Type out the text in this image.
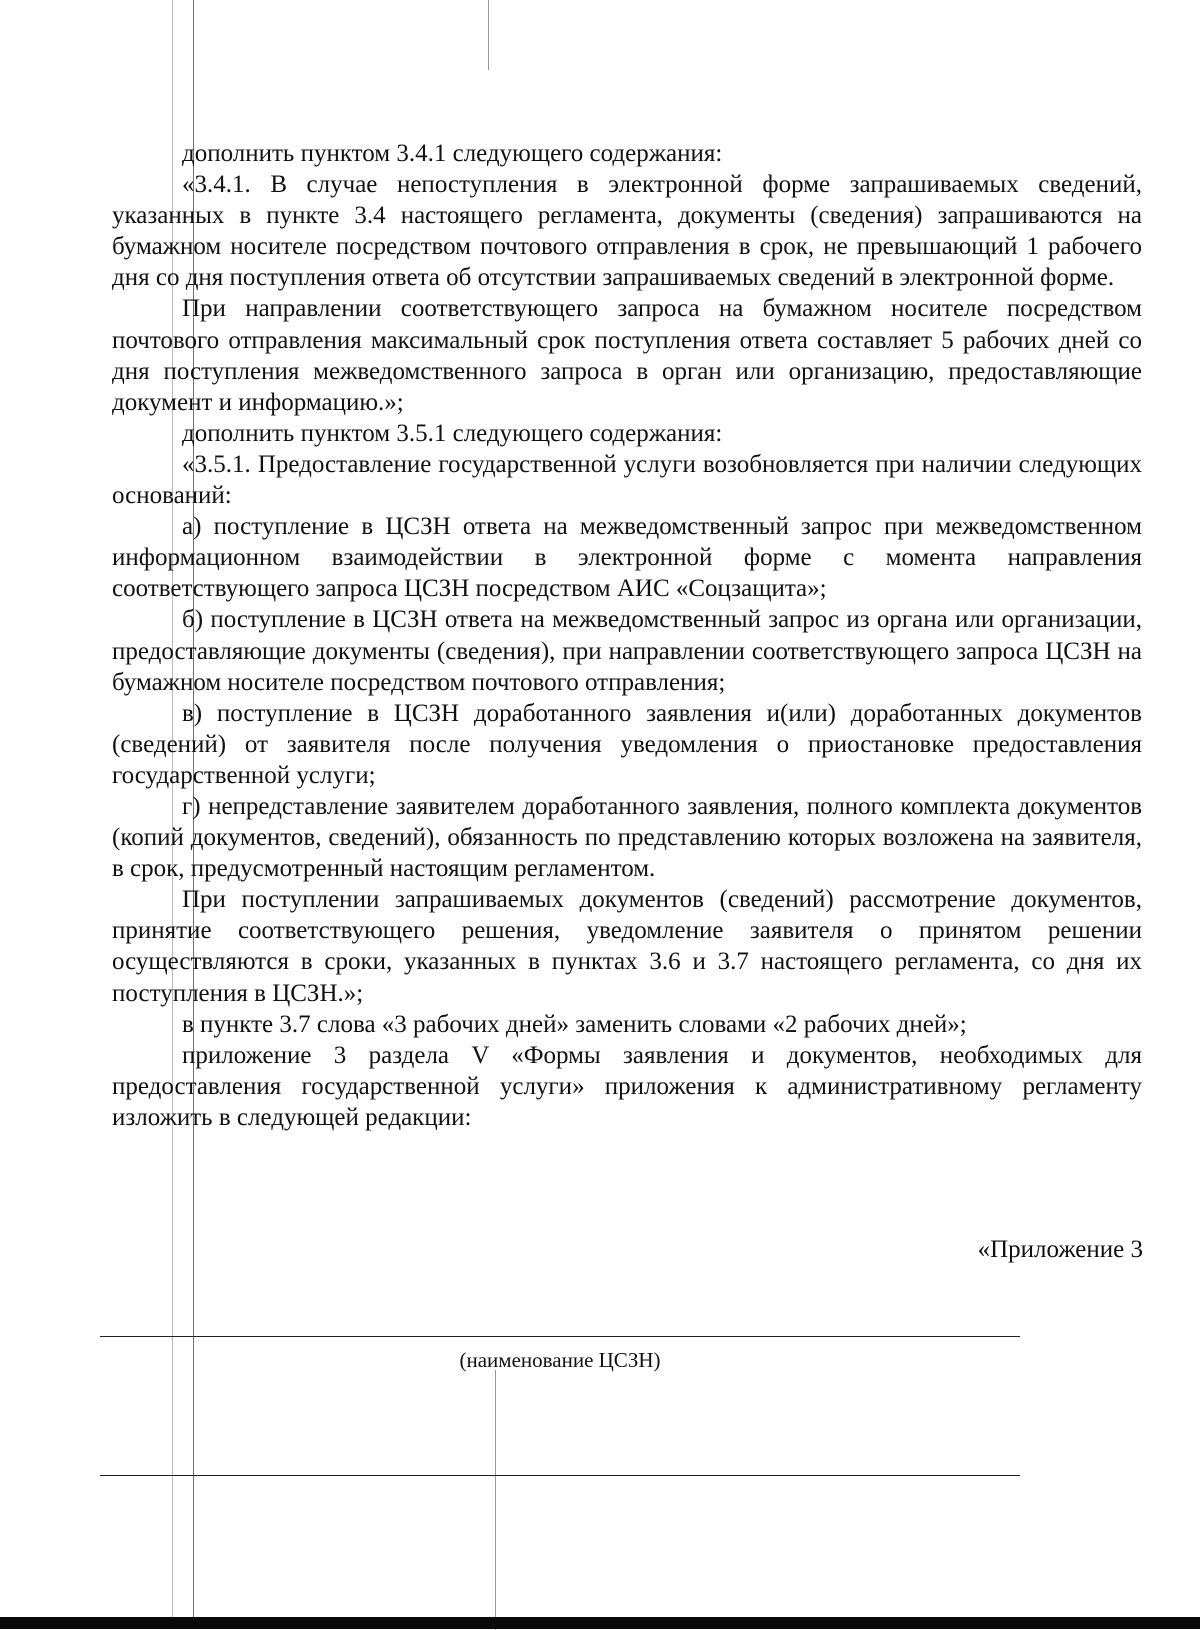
дополнить пунктом 3.4.1 следующего содержания:

«3.4.1. В случае непоступления в электронной форме запрашиваемых сведений, указанных в пункте 3.4 настоящего регламента, документы (сведения) запрашиваются на бумажном носителе посредством почтового отправления в срок, не превышающий 1 рабочего дня со дня поступления ответа об отсутствии запрашиваемых сведений в электронной форме.

При направлении соответствующего запроса на бумажном носителе посредством почтового отправления максимальный срок поступления ответа составляет 5 рабочих дней со дня поступления межведомственного запроса в орган или организацию, предоставляющие документ и информацию.»;

дополнить пунктом 3.5.1 следующего содержания:

«3.5.1. Предоставление государственной услуги возобновляется при наличии следующих оснований:

а) поступление в ЦСЗН ответа на межведомственный запрос при межведомственном информационном взаимодействии в электронной форме с момента направления соответствующего запроса ЦСЗН посредством АИС «Соцзащита»;

б) поступление в ЦСЗН ответа на межведомственный запрос из органа или организации, предоставляющие документы (сведения), при направлении соответствующего запроса ЦСЗН на бумажном носителе посредством почтового отправления;

в) поступление в ЦСЗН доработанного заявления и(или) доработанных документов (сведений) от заявителя после получения уведомления о приостановке предоставления государственной услуги;

г) непредставление заявителем доработанного заявления, полного комплекта документов (копий документов, сведений), обязанность по представлению которых возложена на заявителя, в срок, предусмотренный настоящим регламентом.

При поступлении запрашиваемых документов (сведений) рассмотрение документов, принятие соответствующего решения, уведомление заявителя о принятом решении осуществляются в сроки, указанных в пунктах 3.6 и 3.7 настоящего регламента, со дня их поступления в ЦСЗН.»;

в пункте 3.7 слова «3 рабочих дней» заменить словами «2 рабочих дней»;

приложение 3 раздела V «Формы заявления и документов, необходимых для предоставления государственной услуги» приложения к административному регламенту изложить в следующей редакции:

«Приложение 3
(наименование ЦСЗН)
